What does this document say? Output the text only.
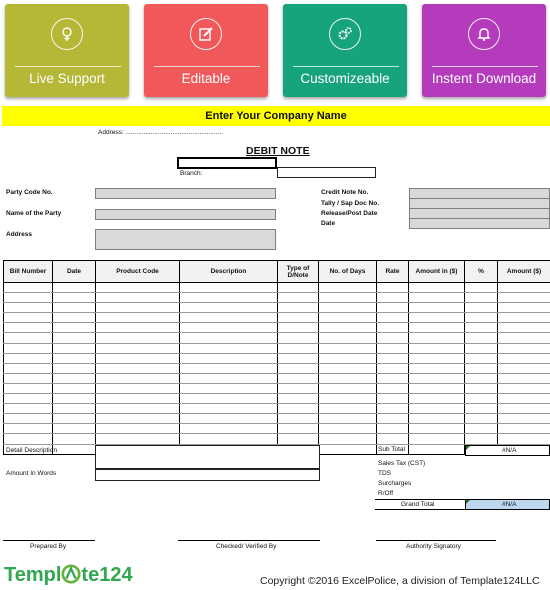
Live Support	Editable	Customizeable	Instent Download
Enter Your Company Name
Address: ......................................................
DEBIT NOTE
Branch:
Party Code No.
Name of the Party
Address
Credit Note No.
Tally / Sap Doc No.
Release/Post Date
Date
Bill Number	Date	Product Code	Description	Type of D/Note	No. of Days	Rate	Amount in ($)	%	Amount ($)

Detail Description
Amount In Words
Sub Total	#N/A
Sales Tax (CST)
TDS
Surcharges
R/Off
Grand Total	#N/A
Prepared By	Checked/ Verified By	Authority Signatory
Templ te124	Copyright ©2016 ExcelPolice, a division of Template124LLC
